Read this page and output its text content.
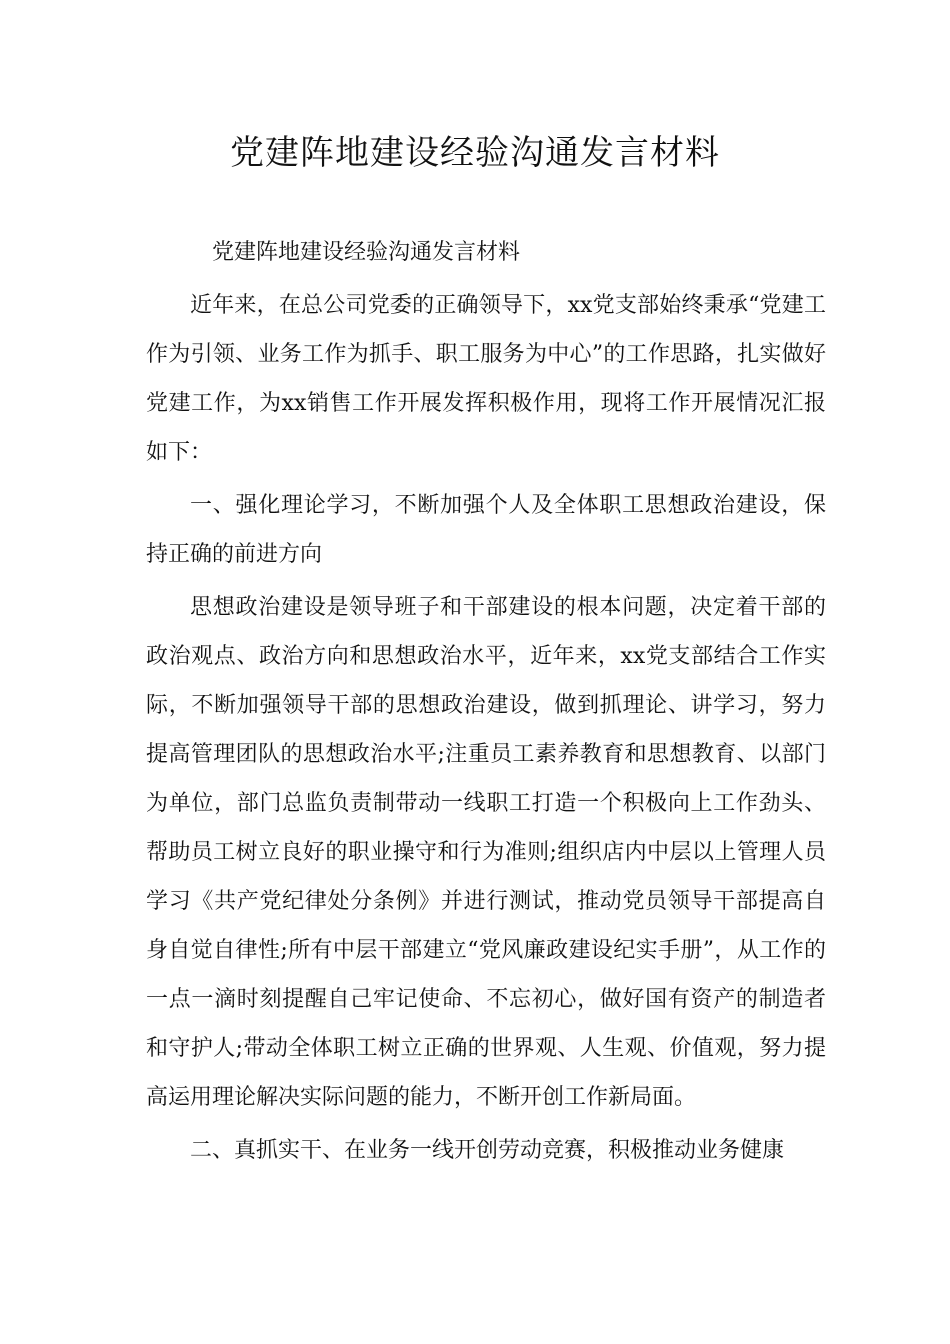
党建阵地建设经验沟通发言材料

党建阵地建设经验沟通发言材料

近年来，在总公司党委的正确领导下，xx党支部始终秉承“党建工作为引领、业务工作为抓手、职工服务为中心”的工作思路，扎实做好党建工作，为xx销售工作开展发挥积极作用，现将工作开展情况汇报如下：

一、强化理论学习，不断加强个人及全体职工思想政治建设，保持正确的前进方向

思想政治建设是领导班子和干部建设的根本问题，决定着干部的政治观点、政治方向和思想政治水平，近年来，xx党支部结合工作实际，不断加强领导干部的思想政治建设，做到抓理论、讲学习，努力提高管理团队的思想政治水平;注重员工素养教育和思想教育、以部门为单位，部门总监负责制带动一线职工打造一个积极向上工作劲头、帮助员工树立良好的职业操守和行为准则;组织店内中层以上管理人员学习《共产党纪律处分条例》并进行测试，推动党员领导干部提高自身自觉自律性;所有中层干部建立“党风廉政建设纪实手册”，从工作的一点一滴时刻提醒自己牢记使命、不忘初心，做好国有资产的制造者和守护人;带动全体职工树立正确的世界观、人生观、价值观，努力提高运用理论解决实际问题的能力，不断开创工作新局面。

二、真抓实干、在业务一线开创劳动竞赛，积极推动业务健康
